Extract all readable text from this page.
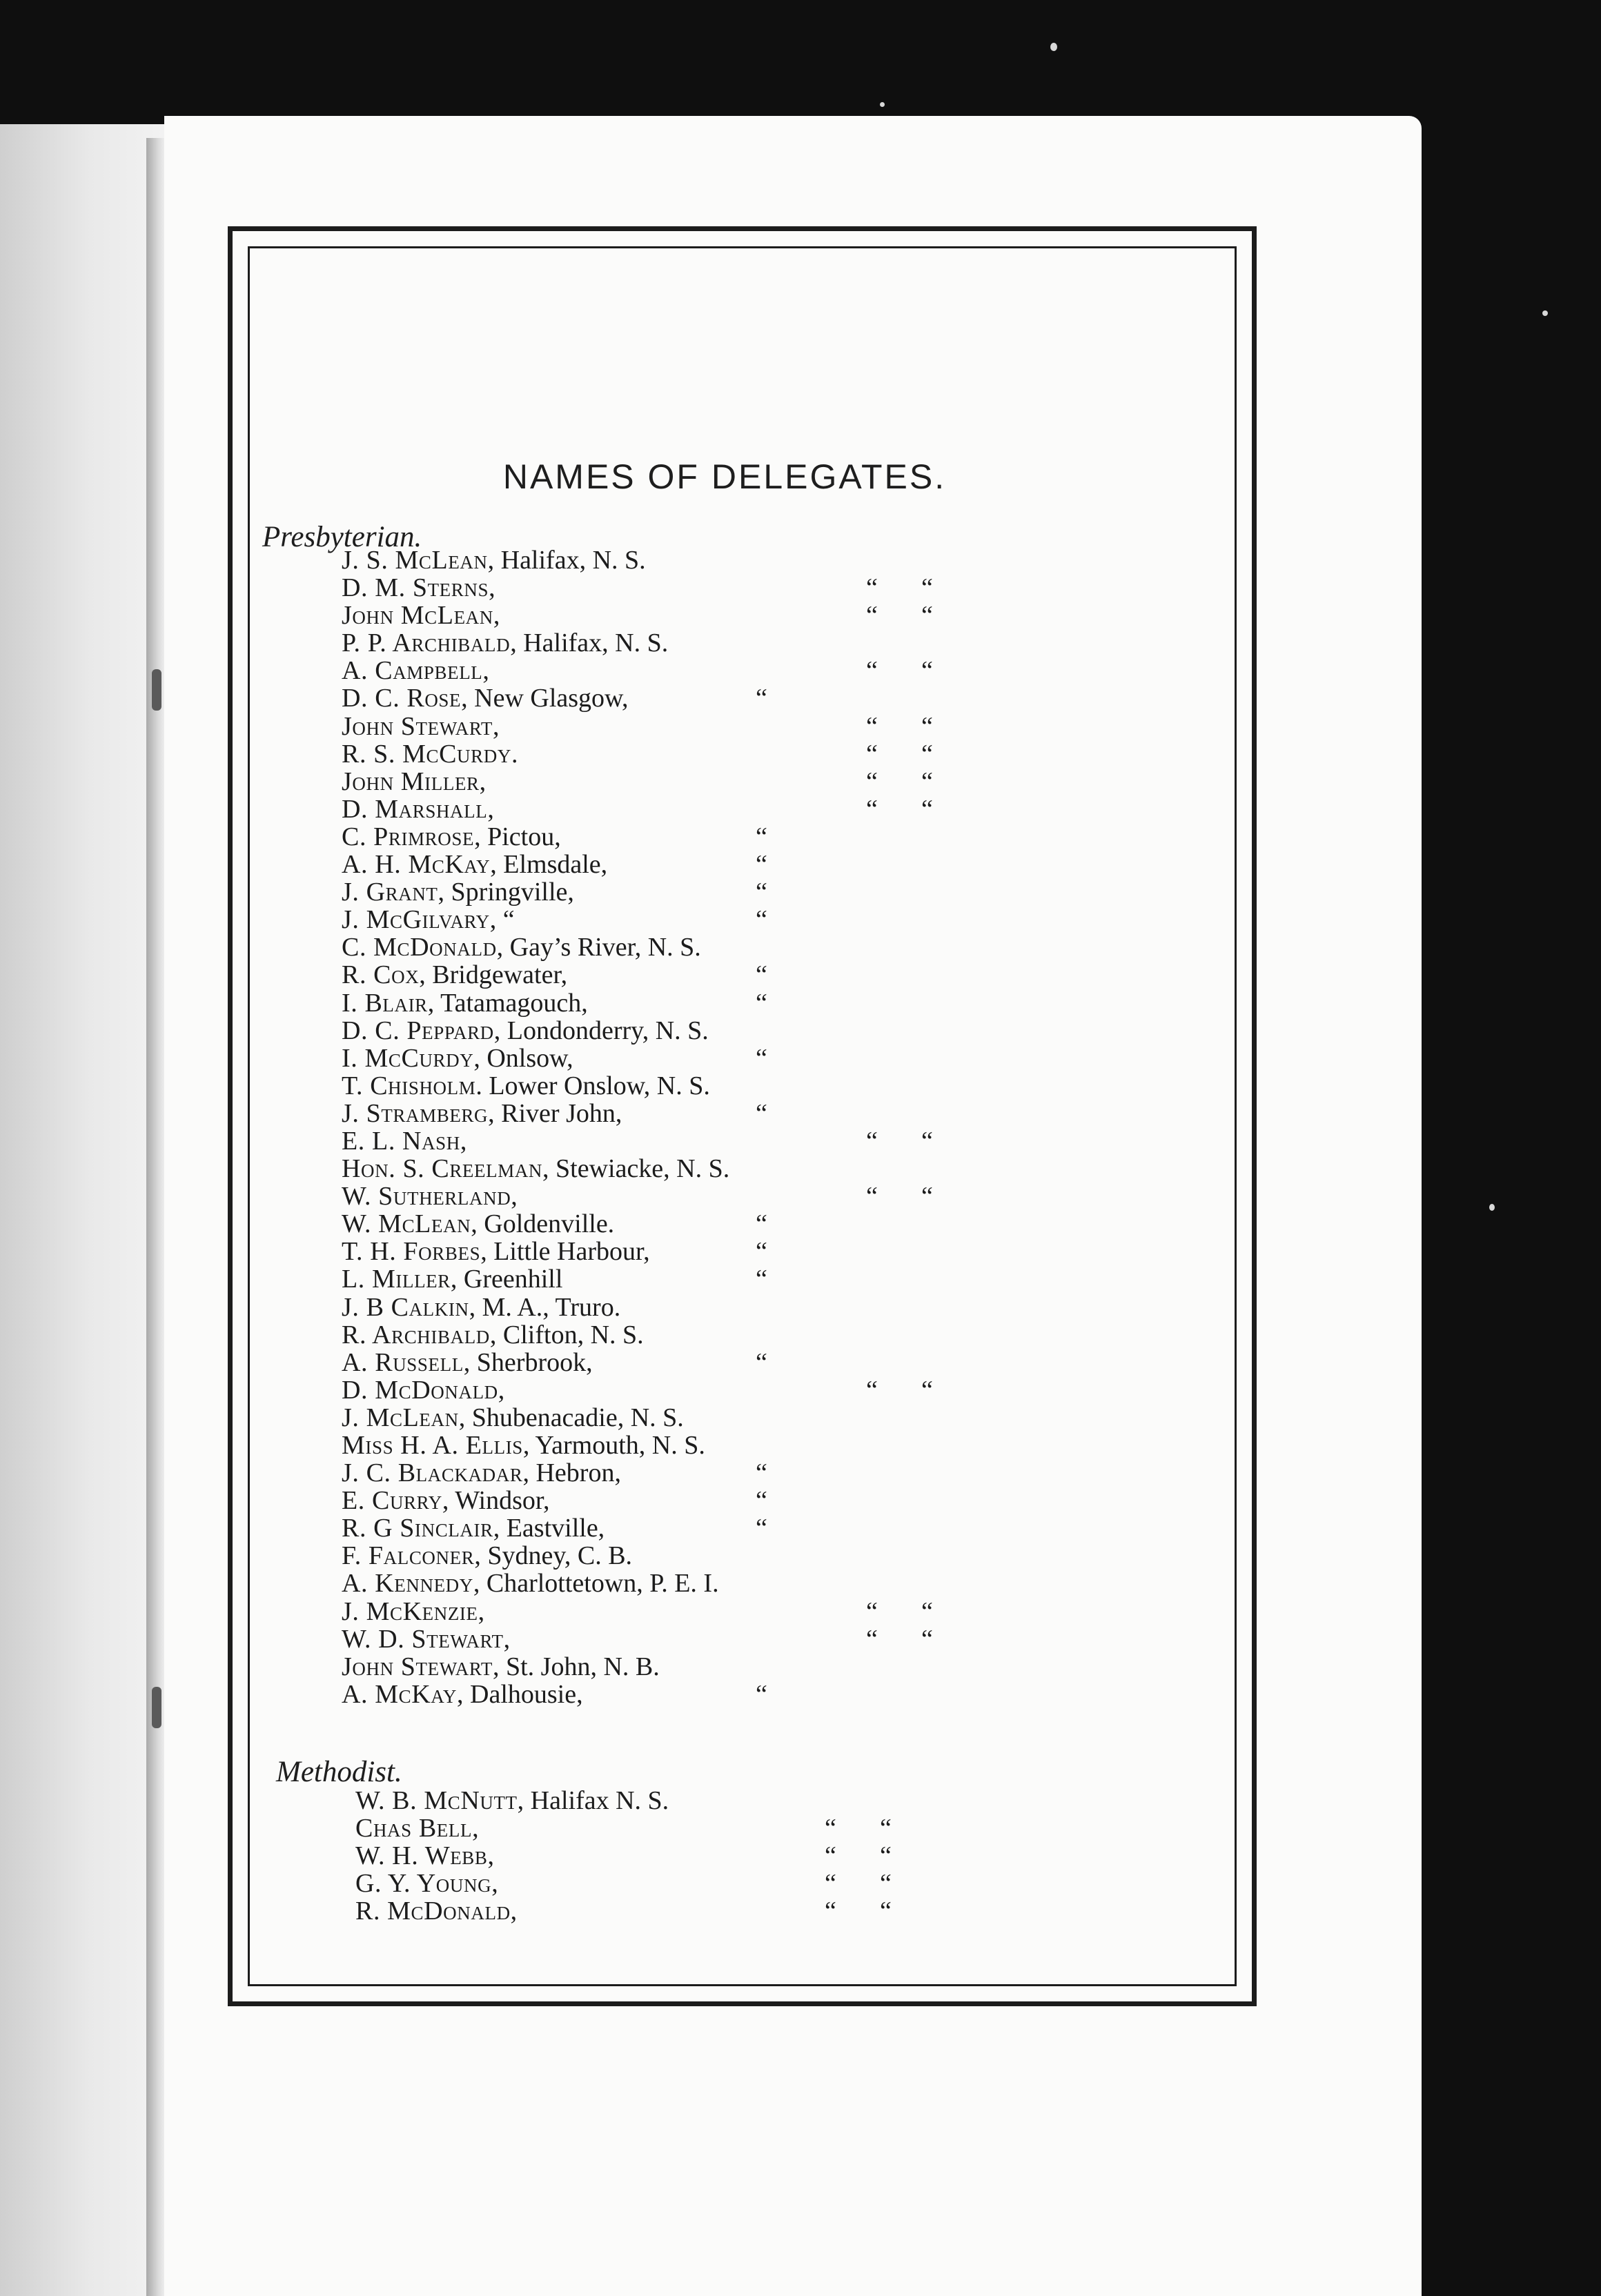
NAMES OF DELEGATES.
Presbyterian.
J. S. McLean, Halifax, N. S.
D. M. Sterns,	“ “
John McLean,	“ “
P. P. Archibald, Halifax, N. S.
A. Campbell,	“ “
D. C. Rose, New Glasgow,	“
John Stewart,	“ “
R. S. McCurdy.	“ “
John Miller,	“ “
D. Marshall,	“ “
C. Primrose, Pictou,	“
A. H. McKay, Elmsdale,	“
J. Grant, Springville,	“
J. McGilvary, “	“
C. McDonald, Gay’s River, N. S.
R. Cox, Bridgewater,	“
I. Blair, Tatamagouch,	“
D. C. Peppard, Londonderry, N. S.
I. McCurdy, Onlsow,	“
T. Chisholm. Lower Onslow, N. S.
J. Stramberg, River John,	“
E. L. Nash,	“ “
Hon. S. Creelman, Stewiacke, N. S.
W. Sutherland,	“ “
W. McLean, Goldenville.	“
T. H. Forbes, Little Harbour,	“
L. Miller, Greenhill	“
J. B Calkin, M. A., Truro.
R. Archibald, Clifton, N. S.
A. Russell, Sherbrook,	“
D. McDonald,	“ “
J. McLean, Shubenacadie, N. S.
Miss H. A. Ellis, Yarmouth, N. S.
J. C. Blackadar, Hebron,	“
E. Curry, Windsor,	“
R. G Sinclair, Eastville,	“
F. Falconer, Sydney, C. B.
A. Kennedy, Charlottetown, P. E. I.
J. McKenzie,	“ “
W. D. Stewart,	“ “
John Stewart, St. John, N. B.
A. McKay, Dalhousie,	“
Methodist.
W. B. McNutt, Halifax N. S.
Chas Bell,	“ “
W. H. Webb,	“ “
G. Y. Young,	“ “
R. McDonald,	“ “
